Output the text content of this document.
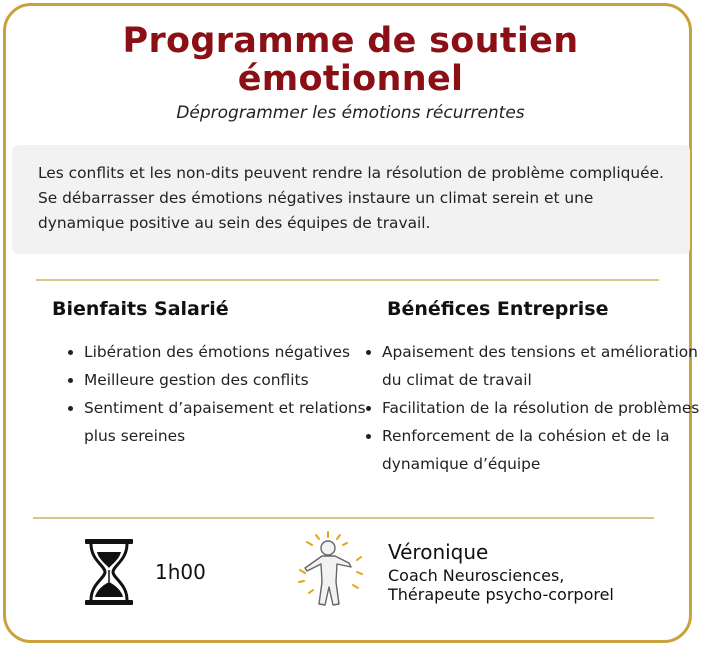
Programme de soutien
émotionnel

Déprogrammer les émotions récurrentes

Les conflits et les non-dits peuvent rendre la résolution de problème compliquée. Se débarrasser des émotions négatives instaure un climat serein et une dynamique positive au sein des équipes de travail.

Bienfaits Salarié
• Libération des émotions négatives
• Meilleure gestion des conflits
• Sentiment d’apaisement et relations plus sereines
Bénéfices Entreprise
• Apaisement des tensions et amélioration du climat de travail
• Facilitation de la résolution de problèmes
• Renforcement de la cohésion et de la dynamique d’équipe

1h00

Véronique

Coach Neurosciences,
Thérapeute psycho-corporel
